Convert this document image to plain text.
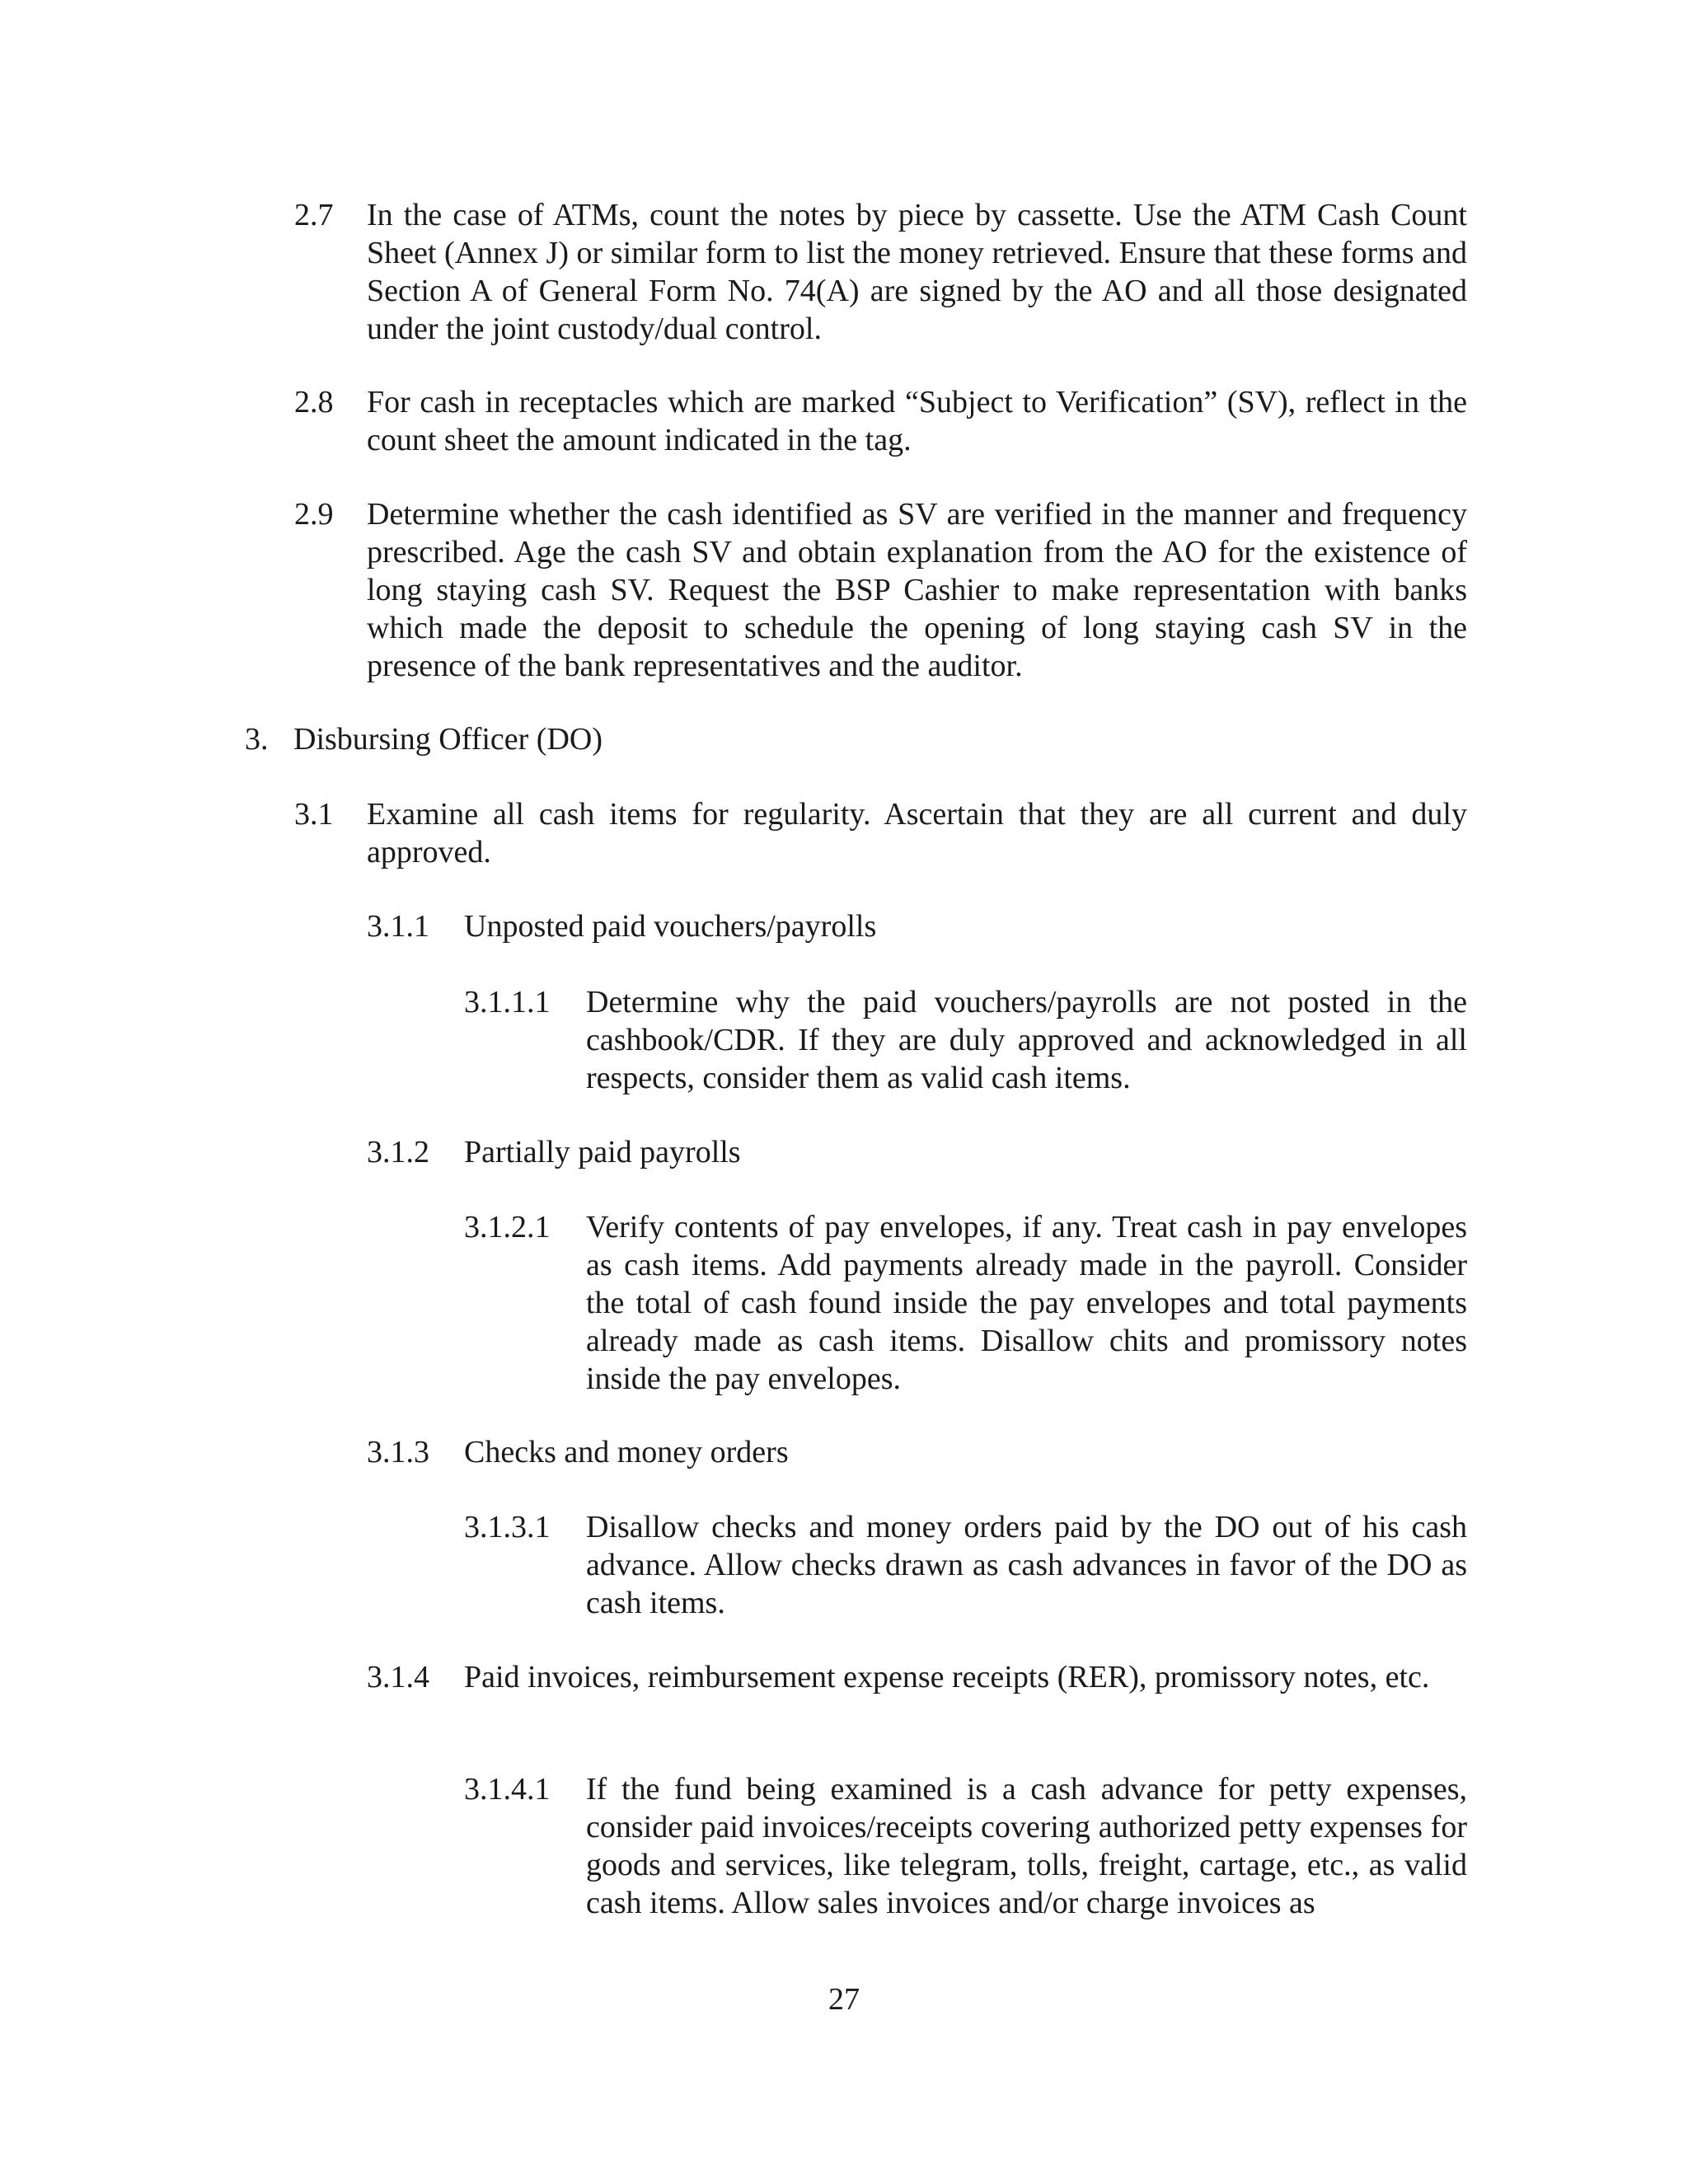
2.7	In the case of ATMs, count the notes by piece by cassette. Use the ATM Cash Count Sheet (Annex J) or similar form to list the money retrieved. Ensure that these forms and Section A of General Form No. 74(A) are signed by the AO and all those designated under the joint custody/dual control.
2.8	For cash in receptacles which are marked “Subject to Verification” (SV), reflect in the count sheet the amount indicated in the tag.
2.9	Determine whether the cash identified as SV are verified in the manner and frequency prescribed. Age the cash SV and obtain explanation from the AO for the existence of long staying cash SV. Request the BSP Cashier to make representation with banks which made the deposit to schedule the opening of long staying cash SV in the presence of the bank representatives and the auditor.
3. Disbursing Officer (DO)
3.1	Examine all cash items for regularity. Ascertain that they are all current and duly approved.
3.1.1	Unposted paid vouchers/payrolls
3.1.1.1	Determine why the paid vouchers/payrolls are not posted in the cashbook/CDR. If they are duly approved and acknowledged in all respects, consider them as valid cash items.
3.1.2	Partially paid payrolls
3.1.2.1	Verify contents of pay envelopes, if any. Treat cash in pay envelopes as cash items. Add payments already made in the payroll. Consider the total of cash found inside the pay envelopes and total payments already made as cash items. Disallow chits and promissory notes inside the pay envelopes.
3.1.3	Checks and money orders
3.1.3.1	Disallow checks and money orders paid by the DO out of his cash advance. Allow checks drawn as cash advances in favor of the DO as cash items.
3.1.4	Paid invoices, reimbursement expense receipts (RER), promissory notes, etc.
3.1.4.1	If the fund being examined is a cash advance for petty expenses, consider paid invoices/receipts covering authorized petty expenses for goods and services, like telegram, tolls, freight, cartage, etc., as valid cash items. Allow sales invoices and/or charge invoices as
27
